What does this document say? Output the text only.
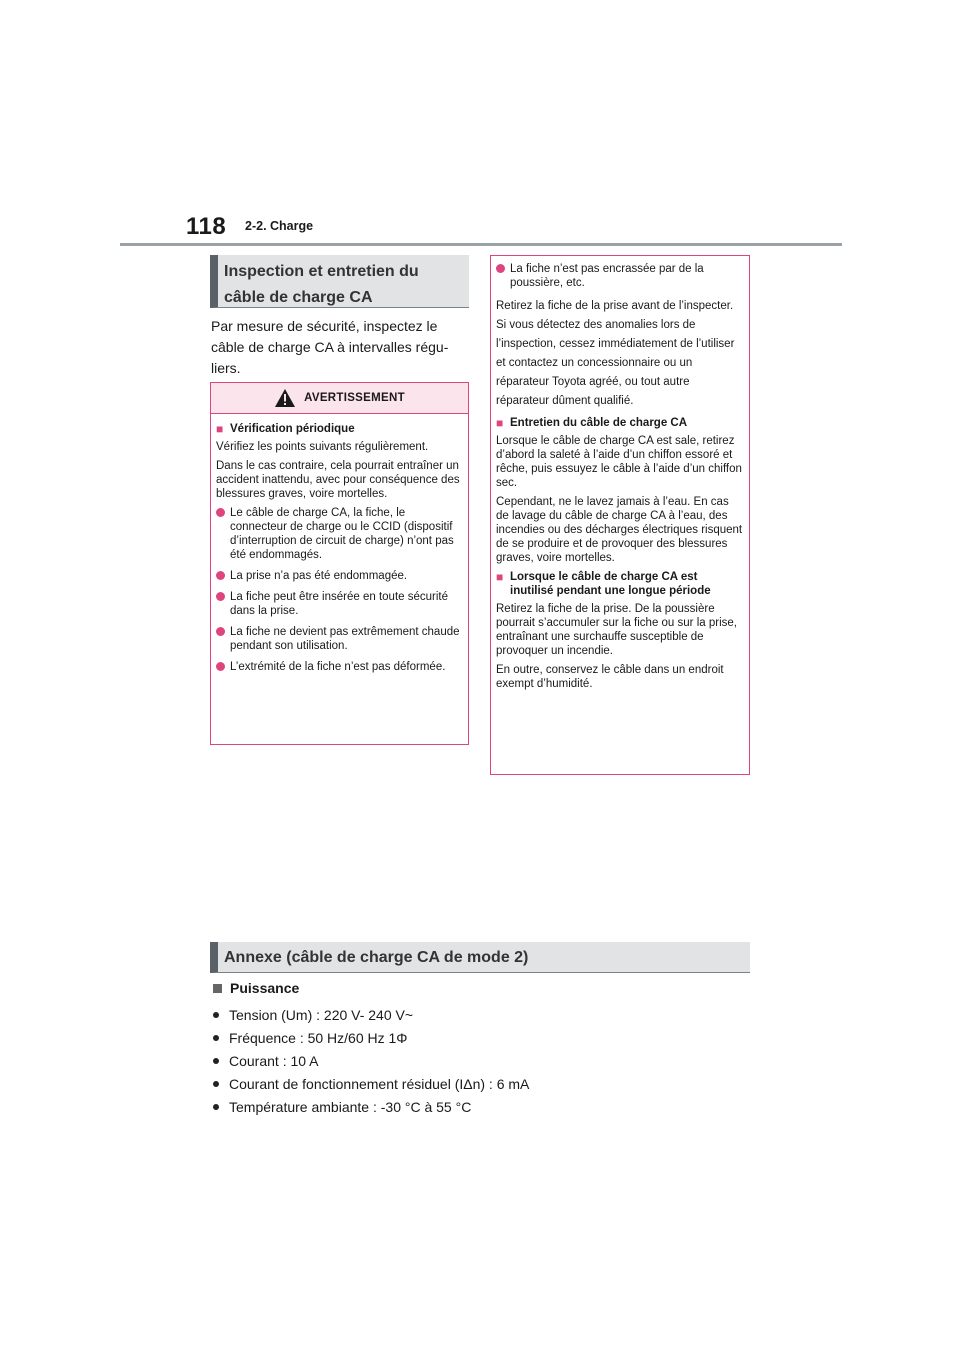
118 2-2. Charge
Inspection et entretien du câble de charge CA
Par mesure de sécurité, inspectez le câble de charge CA à intervalles réguliers.
AVERTISSEMENT
■ Vérification périodique

Vérifiez les points suivants régulièrement.

Dans le cas contraire, cela pourrait entraîner un accident inattendu, avec pour conséquence des blessures graves, voire mortelles.

Le câble de charge CA, la fiche, le connecteur de charge ou le CCID (dispositif d’interruption de circuit de charge) n’ont pas été endommagés.
La prise n’a pas été endommagée.
La fiche peut être insérée en toute sécurité dans la prise.
La fiche ne devient pas extrêmement chaude pendant son utilisation.
L’extrémité de la fiche n’est pas déformée.
La fiche n’est pas encrassée par de la poussière, etc.

Retirez la fiche de la prise avant de l’inspecter. Si vous détectez des anomalies lors de l’inspection, cessez immédiatement de l’utiliser et contactez un concessionnaire ou un réparateur Toyota agréé, ou tout autre réparateur dûment qualifié.

■ Entretien du câble de charge CA

Lorsque le câble de charge CA est sale, retirez d’abord la saleté à l’aide d’un chiffon essoré et rêche, puis essuyez le câble à l’aide d’un chiffon sec.

Cependant, ne le lavez jamais à l’eau. En cas de lavage du câble de charge CA à l’eau, des incendies ou des décharges électriques risquent de se produire et de provoquer des blessures graves, voire mortelles.

■ Lorsque le câble de charge CA est inutilisé pendant une longue période

Retirez la fiche de la prise. De la poussière pourrait s’accumuler sur la fiche ou sur la prise, entraînant une surchauffe susceptible de provoquer un incendie.

En outre, conservez le câble dans un endroit exempt d’humidité.

Annexe (câble de charge CA de mode 2)
Puissance
Tension (Um) : 220 V- 240 V~
Fréquence : 50 Hz/60 Hz 1Φ
Courant : 10 A
Courant de fonctionnement résiduel (IΔn) : 6 mA
Température ambiante : -30 °C à 55 °C
